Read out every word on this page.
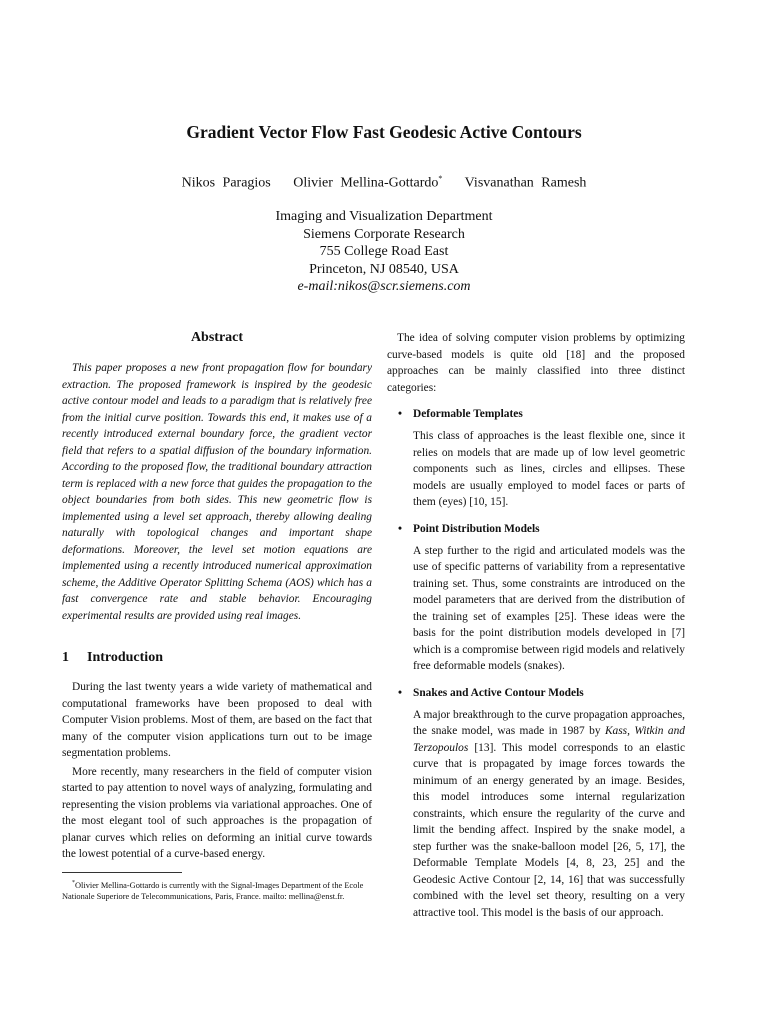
Gradient Vector Flow Fast Geodesic Active Contours
Nikos Paragios Olivier Mellina-Gottardo* Visvanathan Ramesh
Imaging and Visualization Department
Siemens Corporate Research
755 College Road East
Princeton, NJ 08540, USA
e-mail:nikos@scr.siemens.com
Abstract

This paper proposes a new front propagation flow for boundary extraction. The proposed framework is inspired by the geodesic active contour model and leads to a paradigm that is relatively free from the initial curve position. Towards this end, it makes use of a recently introduced external boundary force, the gradient vector field that refers to a spatial diffusion of the boundary information. According to the proposed flow, the traditional boundary attraction term is replaced with a new force that guides the propagation to the object boundaries from both sides. This new geometric flow is implemented using a level set approach, thereby allowing dealing naturally with topological changes and important shape deformations. Moreover, the level set motion equations are implemented using a recently introduced numerical approximation scheme, the Additive Operator Splitting Schema (AOS) which has a fast convergence rate and stable behavior. Encouraging experimental results are provided using real images.

1 Introduction

During the last twenty years a wide variety of mathematical and computational frameworks have been proposed to deal with Computer Vision problems. Most of them, are based on the fact that many of the computer vision applications turn out to be image segmentation problems.

More recently, many researchers in the field of computer vision started to pay attention to novel ways of analyzing, formulating and representing the vision problems via variational approaches. One of the most elegant tool of such approaches is the propagation of planar curves which relies on deforming an initial curve towards the lowest potential of a curve-based energy.

*Olivier Mellina-Gottardo is currently with the Signal-Images Department of the Ecole Nationale Superiore de Telecommunications, Paris, France. mailto: mellina@enst.fr.

The idea of solving computer vision problems by optimizing curve-based models is quite old [18] and the proposed approaches can be mainly classified into three distinct categories:

• Deformable Templates

This class of approaches is the least flexible one, since it relies on models that are made up of low level geometric components such as lines, circles and ellipses. These models are usually employed to model faces or parts of them (eyes) [10, 15].

• Point Distribution Models

A step further to the rigid and articulated models was the use of specific patterns of variability from a representative training set. Thus, some constraints are introduced on the model parameters that are derived from the distribution of the training set of examples [25]. These ideas were the basis for the point distribution models developed in [7] which is a compromise between rigid models and relatively free deformable models (snakes).

• Snakes and Active Contour Models

A major breakthrough to the curve propagation approaches, the snake model, was made in 1987 by Kass, Witkin and Terzopoulos [13]. This model corresponds to an elastic curve that is propagated by image forces towards the minimum of an energy generated by an image. Besides, this model introduces some internal regularization constraints, which ensure the regularity of the curve and limit the bending affect. Inspired by the snake model, a step further was the snake-balloon model [26, 5, 17], the Deformable Template Models [4, 8, 23, 25] and the Geodesic Active Contour [2, 14, 16] that was successfully combined with the level set theory, resulting on a very attractive tool. This model is the basis of our approach.
